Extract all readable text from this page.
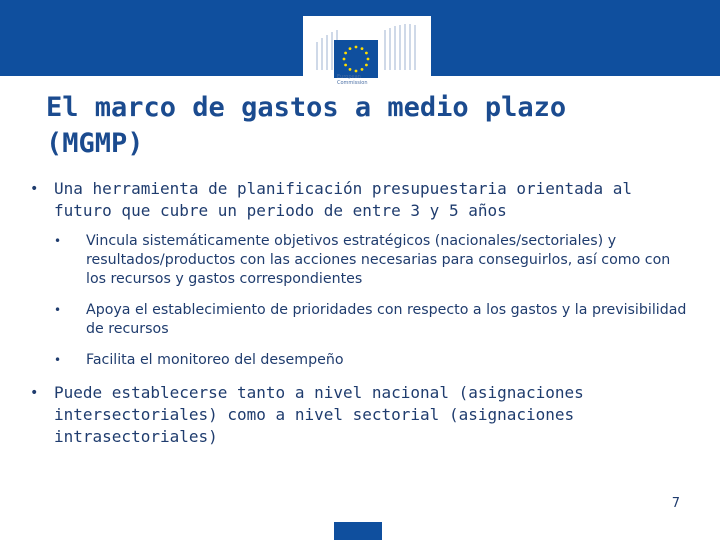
European
Commission
El marco de gastos a medio plazo
(MGMP)
• Una herramienta de planificación presupuestaria orientada al futuro que cubre un periodo de entre 3 y 5 años
• Vincula sistemáticamente objetivos estratégicos (nacionales/sectoriales) y resultados/productos con las acciones necesarias para conseguirlos, así como con los recursos y gastos correspondientes
• Apoya el establecimiento de prioridades con respecto a los gastos y la previsibilidad de recursos
• Facilita el monitoreo del desempeño
• Puede establecerse tanto a nivel nacional (asignaciones intersectoriales) como a nivel sectorial (asignaciones intrasectoriales)
7
